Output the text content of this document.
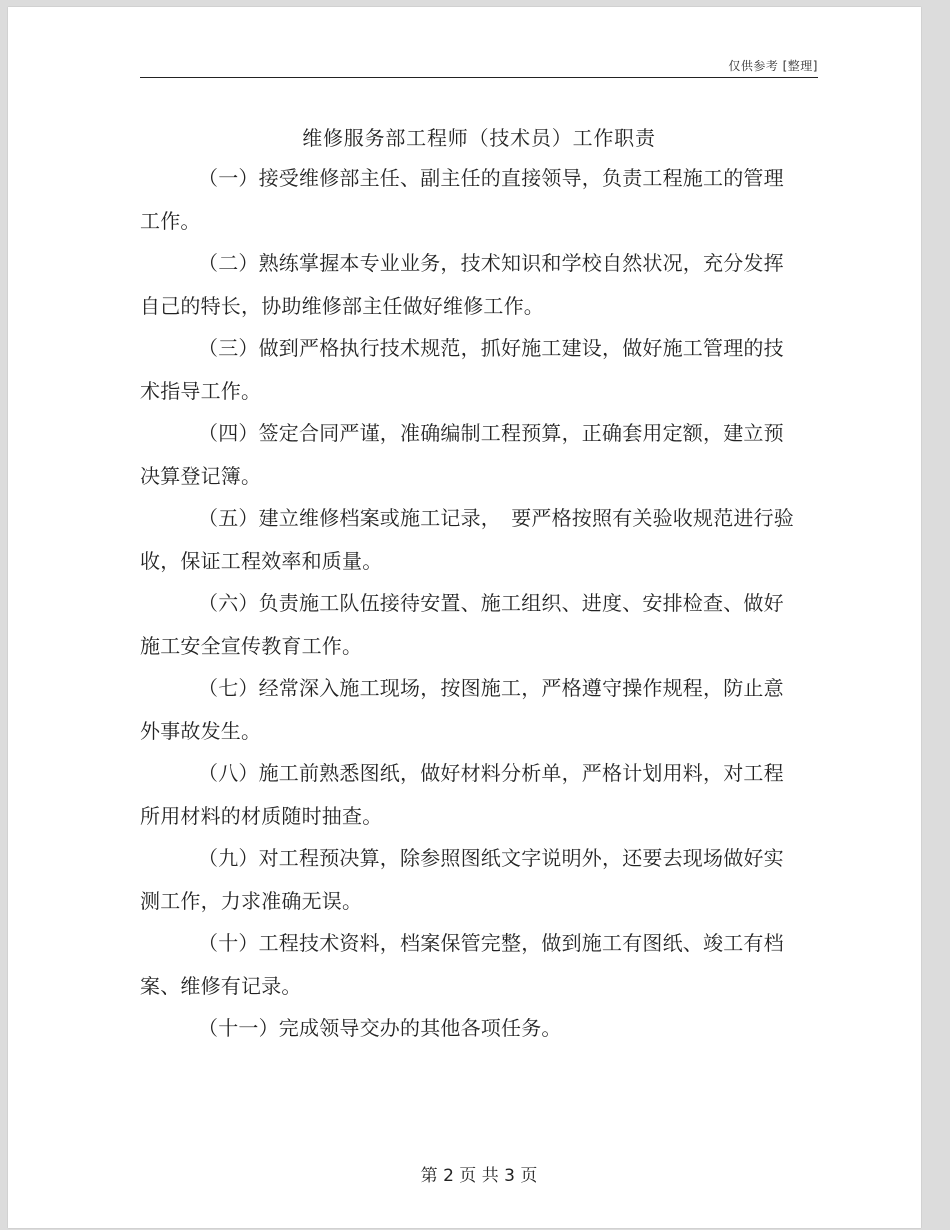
仅供参考 [整理]
维修服务部工程师（技术员）工作职责

（一）接受维修部主任、副主任的直接领导，负责工程施工的管理
工作。

（二）熟练掌握本专业业务，技术知识和学校自然状况，充分发挥
自己的特长，协助维修部主任做好维修工作。

（三）做到严格执行技术规范，抓好施工建设，做好施工管理的技
术指导工作。

（四）签定合同严谨，准确编制工程预算，正确套用定额，建立预
决算登记簿。

（五）建立维修档案或施工记录，　要严格按照有关验收规范进行验
收，保证工程效率和质量。

（六）负责施工队伍接待安置、施工组织、进度、安排检查、做好
施工安全宣传教育工作。

（七）经常深入施工现场，按图施工，严格遵守操作规程，防止意
外事故发生。

（八）施工前熟悉图纸，做好材料分析单，严格计划用料，对工程
所用材料的材质随时抽查。

（九）对工程预决算，除参照图纸文字说明外，还要去现场做好实
测工作，力求准确无误。

（十）工程技术资料，档案保管完整，做到施工有图纸、竣工有档
案、维修有记录。

（十一）完成领导交办的其他各项任务。

第 2 页 共 3 页
